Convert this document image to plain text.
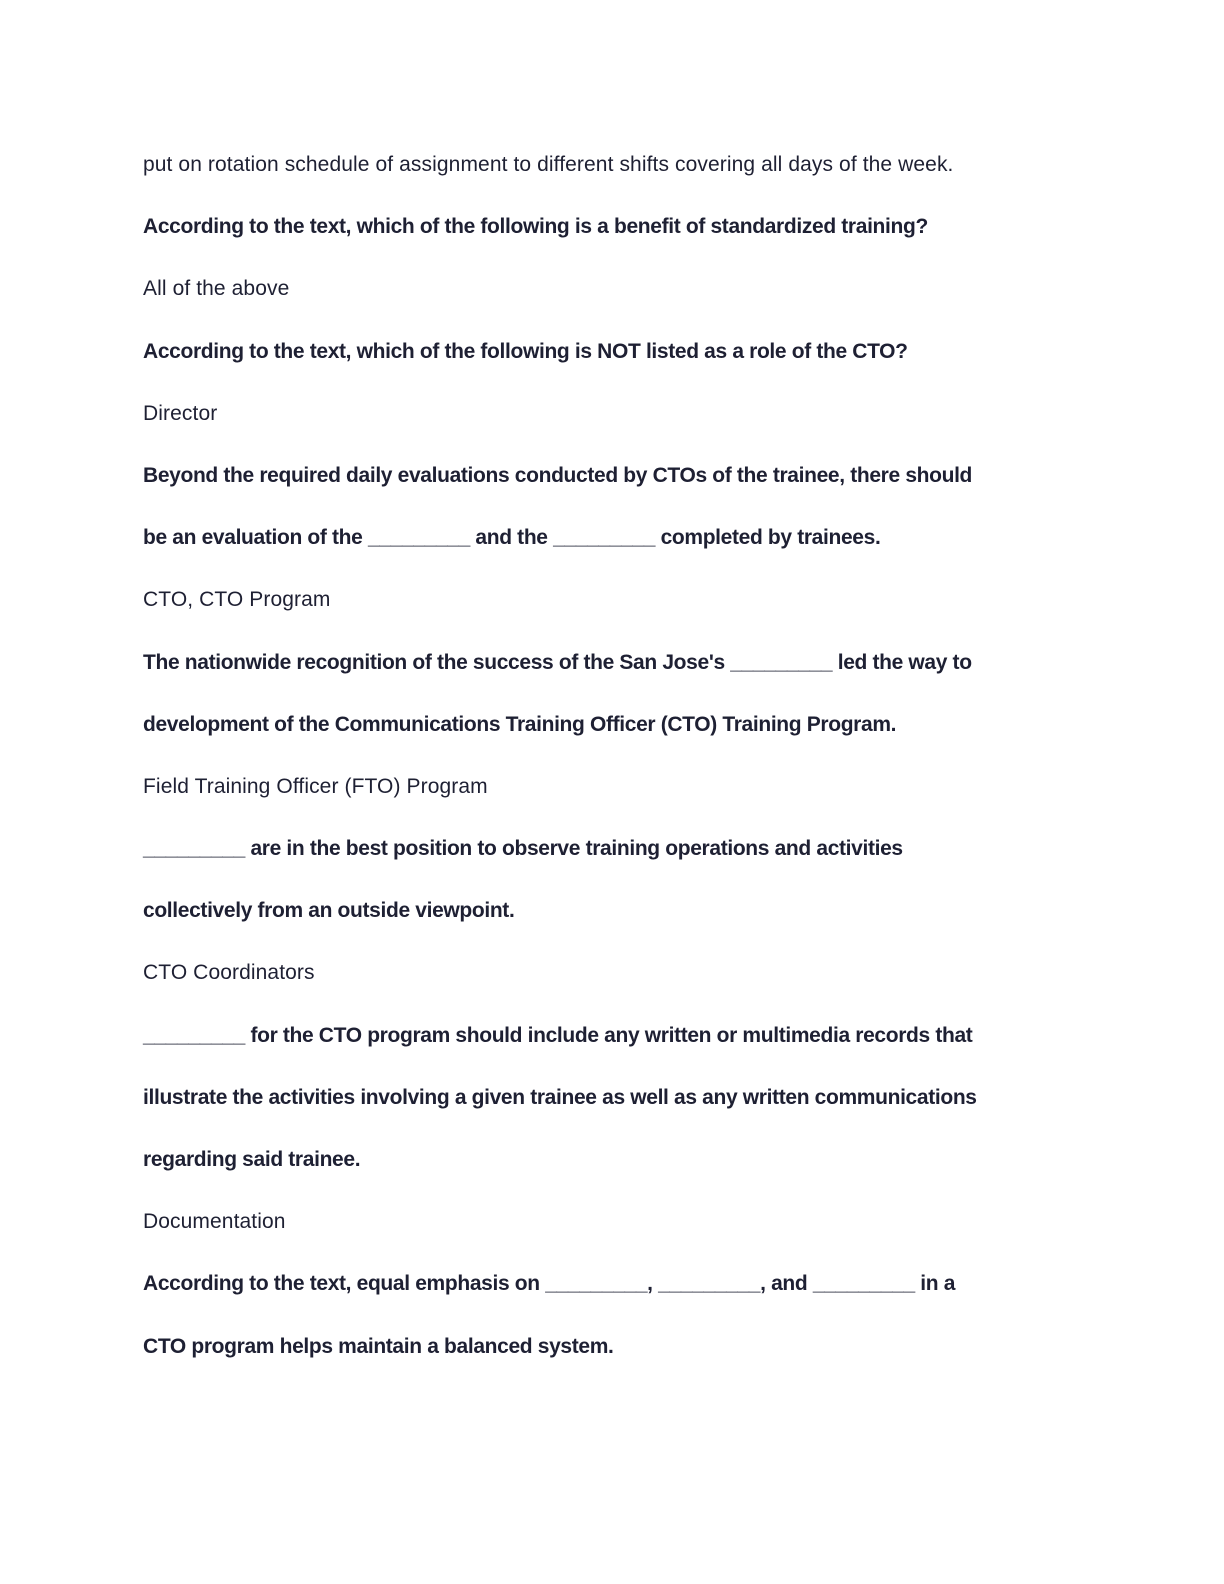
put on rotation schedule of assignment to different shifts covering all days of the week.
According to the text, which of the following is a benefit of standardized training?
All of the above
According to the text, which of the following is NOT listed as a role of the CTO?
Director
Beyond the required daily evaluations conducted by CTOs of the trainee, there should
be an evaluation of the _________ and the _________ completed by trainees.
CTO, CTO Program
The nationwide recognition of the success of the San Jose's _________ led the way to
development of the Communications Training Officer (CTO) Training Program.
Field Training Officer (FTO) Program
_________ are in the best position to observe training operations and activities
collectively from an outside viewpoint.
CTO Coordinators
_________ for the CTO program should include any written or multimedia records that
illustrate the activities involving a given trainee as well as any written communications
regarding said trainee.
Documentation
According to the text, equal emphasis on _________, _________, and _________ in a
CTO program helps maintain a balanced system.
